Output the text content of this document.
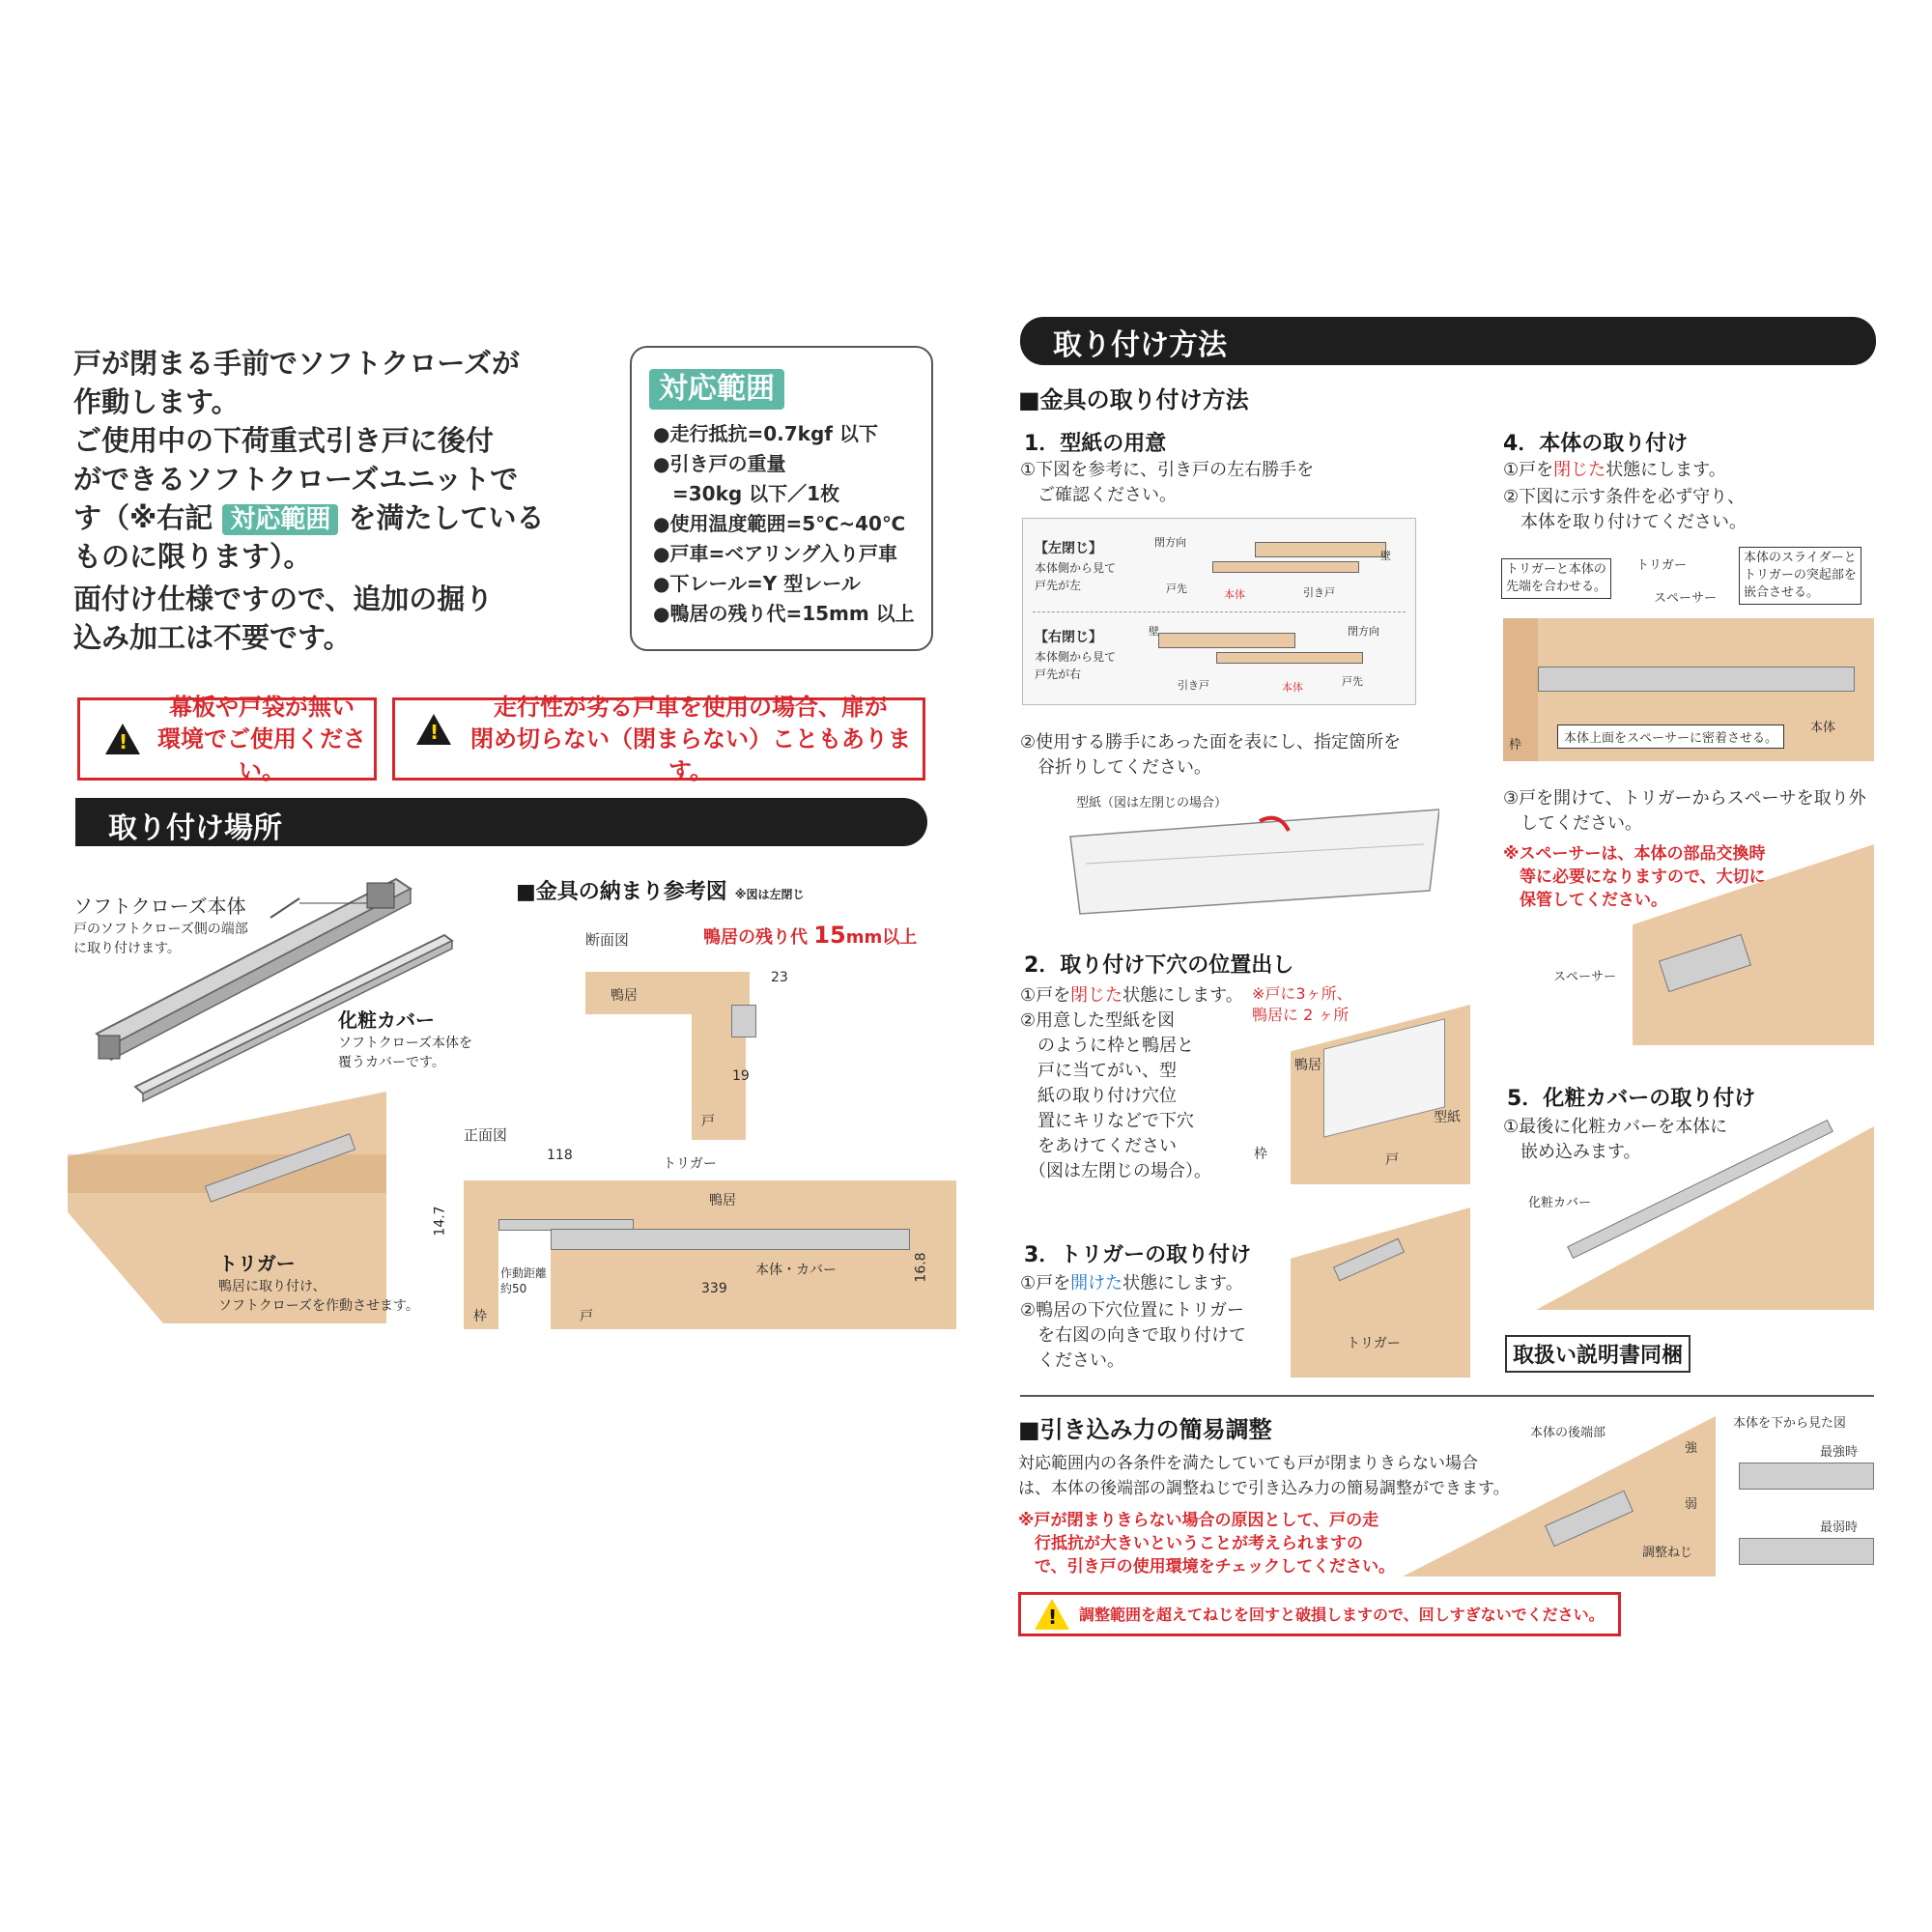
戸が閉まる手前でソフトクローズが

作動します。

ご使用中の下荷重式引き戸に後付

ができるソフトクローズユニットで

す（※右記 対応範囲 を満たしている

ものに限ります）。

面付け仕様ですので、追加の掘り

込み加工は不要です。

対応範囲
●走行抵抗=0.7kgf 以下
●引き戸の重量
　=30kg 以下／1枚
●使用温度範囲=5℃~40℃
●戸車=ベアリング入り戸車
●下レール=Y 型レール
●鴨居の残り代=15mm 以上
!
幕板や戸袋が無い
環境でご使用ください。
!
走行性が劣る戸車を使用の場合、扉が
閉め切らない（閉まらない）こともあります。
取り付け場所
ソフトクローズ本体
戸のソフトクローズ側の端部
に取り付けます。
化粧カバー
ソフトクローズ本体を
覆うカバーです。
トリガー
鴨居に取り付け、
ソフトクローズを作動させます。
■金具の納まり参考図 ※図は左閉じ
断面図	鴨居の残り代 15mm以上
鴨居
戸
23
19
正面図
118
トリガー
鴨居
14.7
本体・カバー	16.8
作動距離
約50	339
枠	戸
取り付け方法
■金具の取り付け方法
1．型紙の用意
①下図を参考に、引き戸の左右勝手を
　ご確認ください。
【左閉じ】
本体側から見て
戸先が左
閉方向
壁
戸先	本体	引き戸
【右閉じ】
本体側から見て
戸先が右
壁	閉方向
引き戸	本体	戸先
②使用する勝手にあった面を表にし、指定箇所を
　谷折りしてください。
型紙（図は左閉じの場合）
2．取り付け下穴の位置出し
①戸を閉じた状態にします。 ※戸に3ヶ所、
鴨居に 2 ヶ所
②用意した型紙を図
　のように枠と鴨居と
　戸に当てがい、型
　紙の取り付け穴位
　置にキリなどで下穴
　をあけてください
　（図は左閉じの場合）。
鴨居
型紙
枠	戸
3．トリガーの取り付け
①戸を開けた状態にします。
②鴨居の下穴位置にトリガー
　を右図の向きで取り付けて
　ください。
トリガー
4．本体の取り付け
①戸を閉じた状態にします。
②下図に示す条件を必ず守り、
　本体を取り付けてください。
トリガーと本体の
先端を合わせる。
トリガー
スペーサー
本体のスライダーと
トリガーの突起部を
嵌合させる。
本体上面をスペーサーに密着させる。
本体
枠
③戸を開けて、トリガーからスペーサを取り外
　してください。
※スペーサーは、本体の部品交換時
　等に必要になりますので、大切に
　保管してください。
スペーサー
5．化粧カバーの取り付け
①最後に化粧カバーを本体に
　嵌め込みます。
化粧カバー
取扱い説明書同梱
■引き込み力の簡易調整
対応範囲内の各条件を満たしていても戸が閉まりきらない場合
は、本体の後端部の調整ねじで引き込み力の簡易調整ができます。
※戸が閉まりきらない場合の原因として、戸の走
　行抵抗が大きいということが考えられますの
　で、引き戸の使用環境をチェックしてください。
本体の後端部
強
弱
調整ねじ
本体を下から見た図
最強時
最弱時
! 調整範囲を超えてねじを回すと破損しますので、回しすぎないでください。
